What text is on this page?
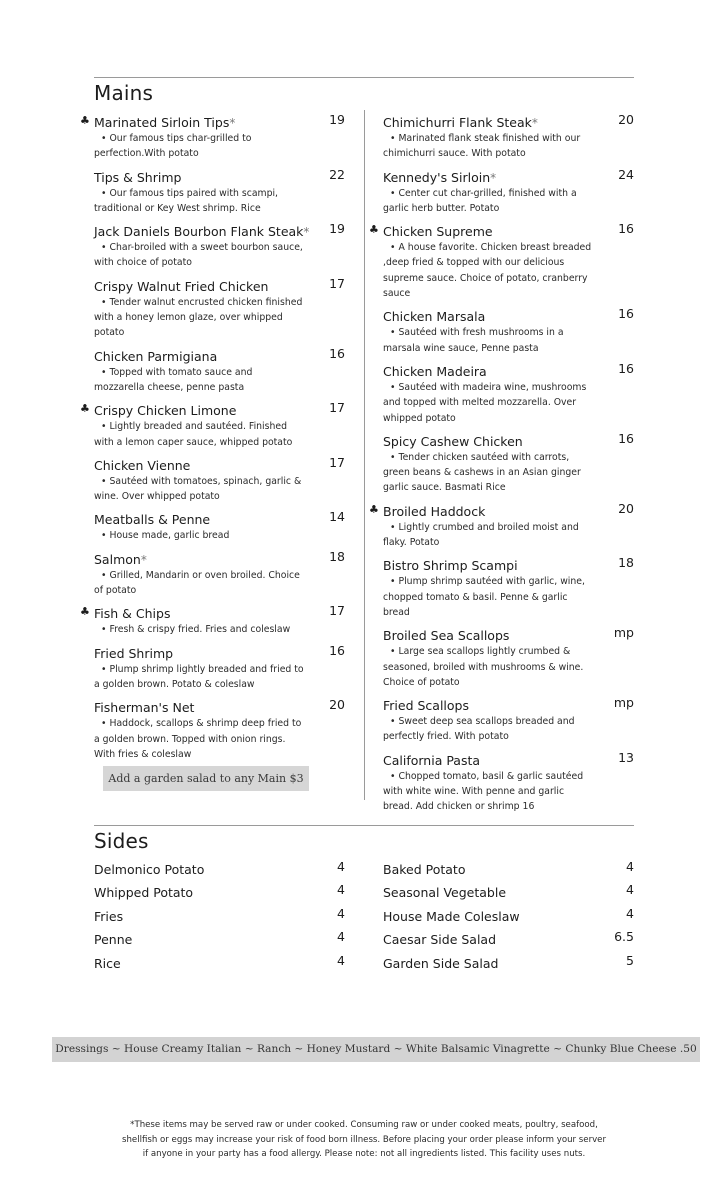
Mains
♣ Marinated Sirloin Tips*	19
• Our famous tips char-grilled to
perfection.With potato
Tips & Shrimp	22
• Our famous tips paired with scampi,
traditional or Key West shrimp. Rice
Jack Daniels Bourbon Flank Steak* 19
• Char-broiled with a sweet bourbon sauce,
with choice of potato
Crispy Walnut Fried Chicken	17
• Tender walnut encrusted chicken finished
with a honey lemon glaze, over whipped
potato
Chicken Parmigiana	16
• Topped with tomato sauce and
mozzarella cheese, penne pasta
♣ Crispy Chicken Limone	17
• Lightly breaded and sautéed. Finished
with a lemon caper sauce, whipped potato
Chicken Vienne	17
• Sautéed with tomatoes, spinach, garlic &
wine. Over whipped potato
Meatballs & Penne	14
• House made, garlic bread
Salmon*	18
• Grilled, Mandarin or oven broiled. Choice
of potato
♣ Fish & Chips	17
• Fresh & crispy fried. Fries and coleslaw
Fried Shrimp	16
• Plump shrimp lightly breaded and fried to
a golden brown. Potato & coleslaw
Fisherman's Net	20
• Haddock, scallops & shrimp deep fried to
a golden brown. Topped with onion rings.
With fries & coleslaw
Chimichurri Flank Steak*	20
• Marinated flank steak finished with our
chimichurri sauce. With potato
Kennedy's Sirloin*	24
• Center cut char-grilled, finished with a
garlic herb butter. Potato
♣ Chicken Supreme	16
• A house favorite. Chicken breast breaded
,deep fried & topped with our delicious
supreme sauce. Choice of potato, cranberry
sauce
Chicken Marsala	16
• Sautéed with fresh mushrooms in a
marsala wine sauce, Penne pasta
Chicken Madeira	16
• Sautéed with madeira wine, mushrooms
and topped with melted mozzarella. Over
whipped potato
Spicy Cashew Chicken	16
• Tender chicken sautéed with carrots,
green beans & cashews in an Asian ginger
garlic sauce. Basmati Rice
♣ Broiled Haddock	20
• Lightly crumbed and broiled moist and
flaky. Potato
Bistro Shrimp Scampi	18
• Plump shrimp sautéed with garlic, wine,
chopped tomato & basil. Penne & garlic
bread
Broiled Sea Scallops	mp
• Large sea scallops lightly crumbed &
seasoned, broiled with mushrooms & wine.
Choice of potato
Fried Scallops	mp
• Sweet deep sea scallops breaded and
perfectly fried. With potato
California Pasta	13
• Chopped tomato, basil & garlic sautéed
with white wine. With penne and garlic
bread. Add chicken or shrimp 16
Add a garden salad to any Main $3
Sides
Delmonico Potato	4
Whipped Potato	4
Fries	4
Penne	4
Rice	4
Baked Potato	4
Seasonal Vegetable	4
House Made Coleslaw	4
Caesar Side Salad	6.5
Garden Side Salad	5
Dressings ~ House Creamy Italian ~ Ranch ~ Honey Mustard ~ White Balsamic Vinagrette ~ Chunky Blue Cheese .50
*These items may be served raw or under cooked. Consuming raw or under cooked meats, poultry, seafood,
shellfish or eggs may increase your risk of food born illness. Before placing your order please inform your server
if anyone in your party has a food allergy. Please note: not all ingredients listed. This facility uses nuts.
